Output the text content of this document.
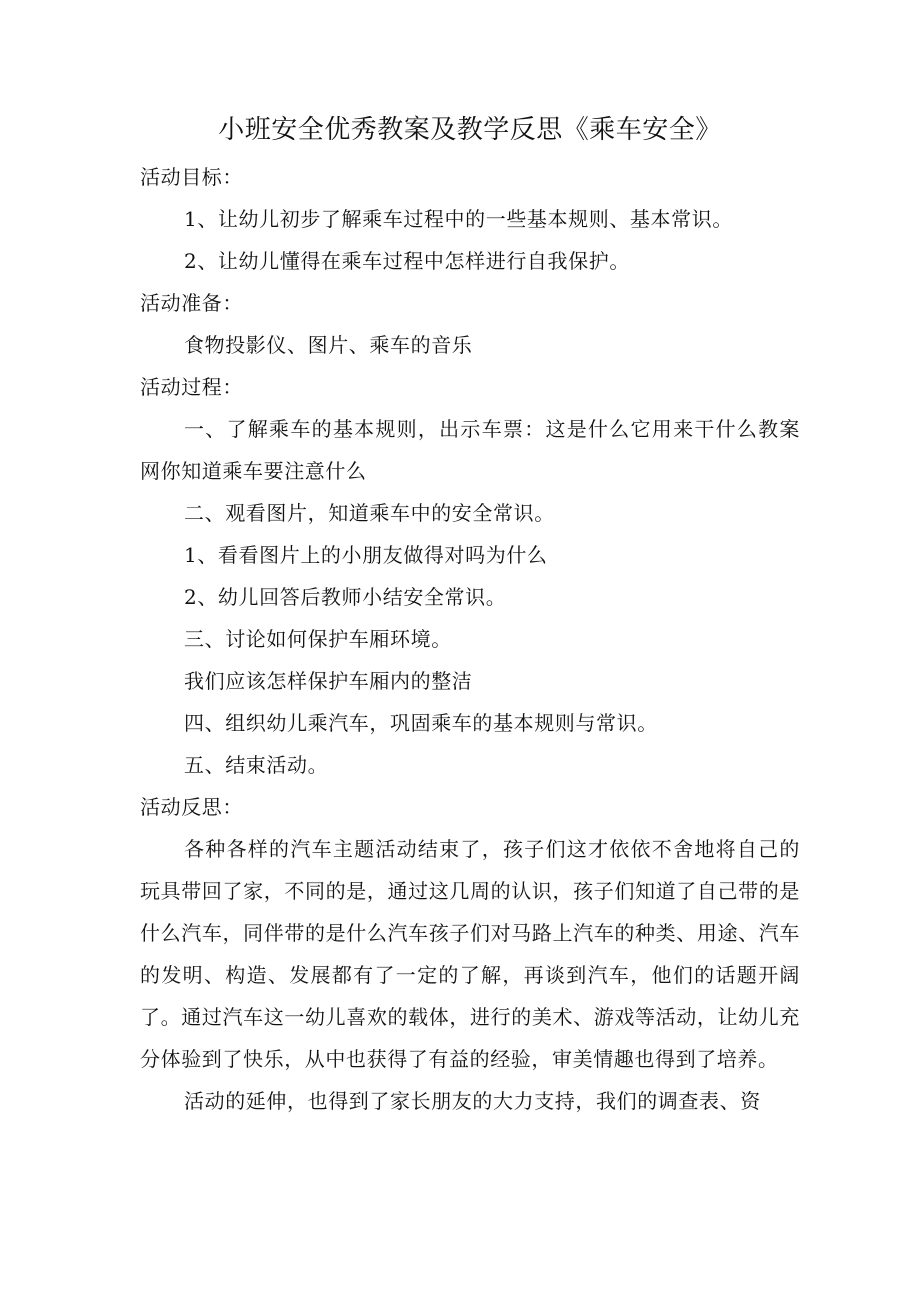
小班安全优秀教案及教学反思《乘车安全》

活动目标：

1、让幼儿初步了解乘车过程中的一些基本规则、基本常识。

2、让幼儿懂得在乘车过程中怎样进行自我保护。

活动准备：

食物投影仪、图片、乘车的音乐

活动过程：

一、了解乘车的基本规则，出示车票：这是什么它用来干什么教案网你知道乘车要注意什么

二、观看图片，知道乘车中的安全常识。

1、看看图片上的小朋友做得对吗为什么

2、幼儿回答后教师小结安全常识。

三、讨论如何保护车厢环境。

我们应该怎样保护车厢内的整洁

四、组织幼儿乘汽车，巩固乘车的基本规则与常识。

五、结束活动。

活动反思：

各种各样的汽车主题活动结束了，孩子们这才依依不舍地将自己的玩具带回了家，不同的是，通过这几周的认识，孩子们知道了自己带的是什么汽车，同伴带的是什么汽车孩子们对马路上汽车的种类、用途、汽车的发明、构造、发展都有了一定的了解，再谈到汽车，他们的话题开阔了。通过汽车这一幼儿喜欢的载体，进行的美术、游戏等活动，让幼儿充分体验到了快乐，从中也获得了有益的经验，审美情趣也得到了培养。

活动的延伸，也得到了家长朋友的大力支持，我们的调查表、资
